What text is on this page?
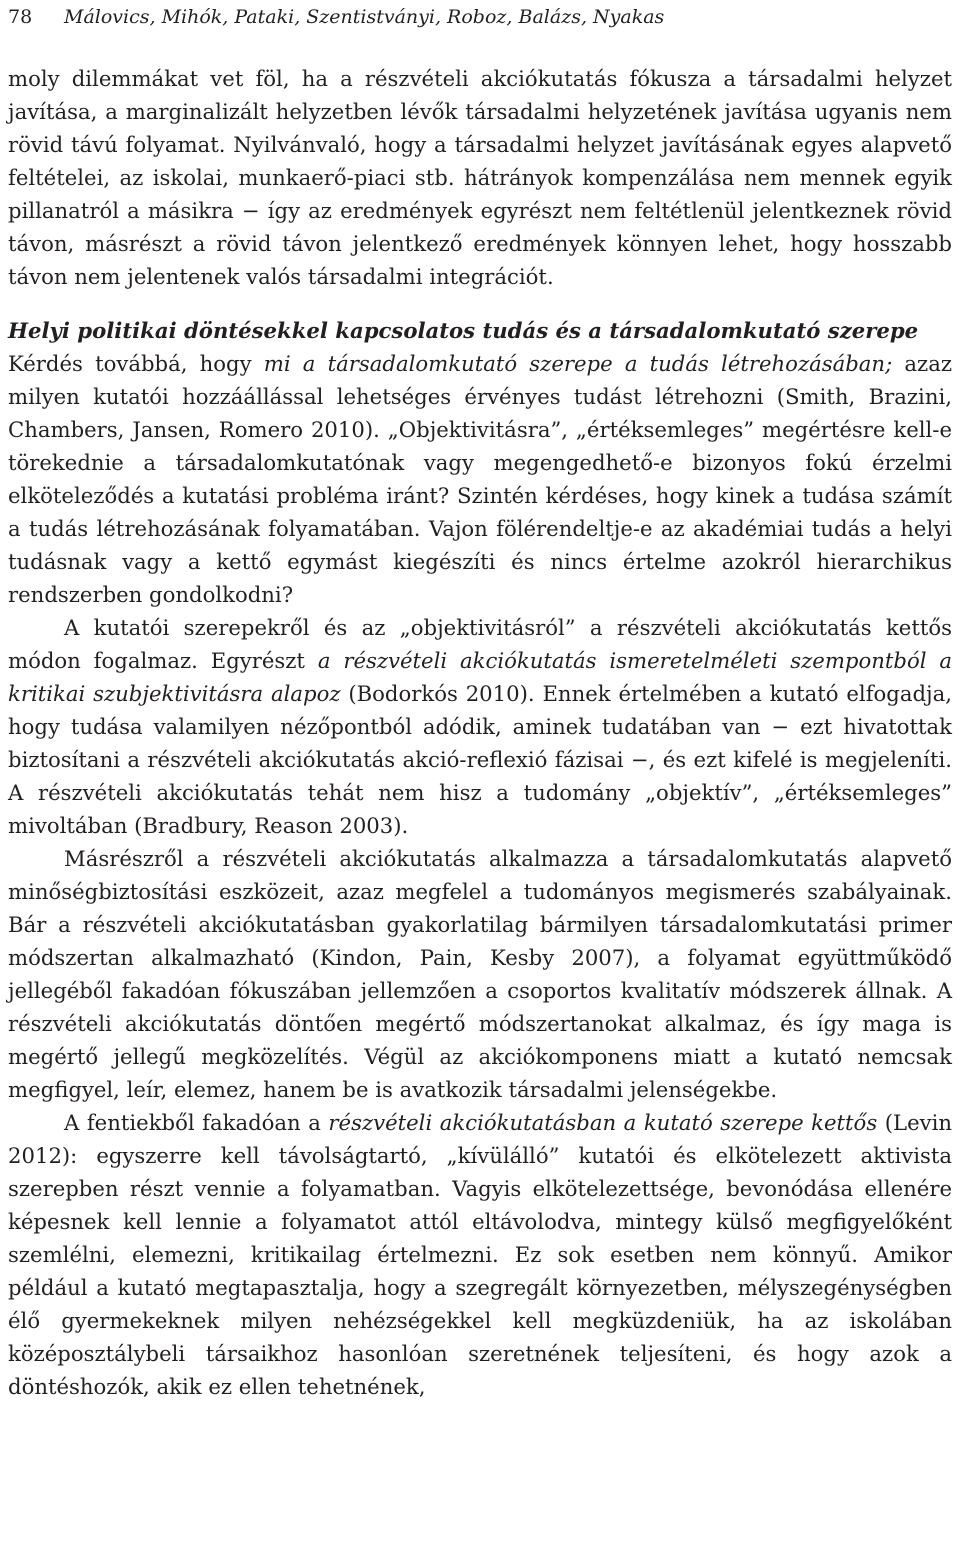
78 Málovics, Mihók, Pataki, Szentistványi, Roboz, Balázs, Nyakas

moly dilemmákat vet föl, ha a részvételi akciókutatás fókusza a társadalmi helyzet javítása, a marginalizált helyzetben lévők társadalmi helyzetének javítása ugyanis nem rövid távú folyamat. Nyilvánvaló, hogy a társadalmi helyzet javításának egyes alapvető feltételei, az iskolai, munkaerő-piaci stb. hátrányok kompenzálása nem mennek egyik pillanatról a másikra − így az eredmények egyrészt nem feltétlenül jelentkeznek rövid távon, másrészt a rövid távon jelentkező eredmények könnyen lehet, hogy hosszabb távon nem jelentenek valós társadalmi integrációt.

Helyi politikai döntésekkel kapcsolatos tudás és a társadalomkutató szerepe

Kérdés továbbá, hogy mi a társadalomkutató szerepe a tudás létrehozásában; azaz milyen kutatói hozzáállással lehetséges érvényes tudást létrehozni (Smith, Brazini, Chambers, Jansen, Romero 2010). „Objektivitásra”, „értéksemleges” megértésre kell-e törekednie a társadalomkutatónak vagy megengedhető-e bizonyos fokú érzelmi elköteleződés a kutatási probléma iránt? Szintén kérdéses, hogy kinek a tudása számít a tudás létrehozásának folyamatában. Vajon fölérendeltje-e az akadémiai tudás a helyi tudásnak vagy a kettő egymást kiegészíti és nincs értelme azokról hierarchikus rendszerben gondolkodni?

A kutatói szerepekről és az „objektivitásról” a részvételi akciókutatás kettős módon fogalmaz. Egyrészt a részvételi akciókutatás ismeretelméleti szempontból a kritikai szubjektivitásra alapoz (Bodorkós 2010). Ennek értelmében a kutató elfogadja, hogy tudása valamilyen nézőpontból adódik, aminek tudatában van − ezt hivatottak biztosítani a részvételi akciókutatás akció-reflexió fázisai −, és ezt kifelé is megjeleníti. A részvételi akciókutatás tehát nem hisz a tudomány „objektív”, „értéksemleges” mivoltában (Bradbury, Reason 2003).

Másrészről a részvételi akciókutatás alkalmazza a társadalomkutatás alapvető minőségbiztosítási eszközeit, azaz megfelel a tudományos megismerés szabályainak. Bár a részvételi akciókutatásban gyakorlatilag bármilyen társadalomkutatási primer módszertan alkalmazható (Kindon, Pain, Kesby 2007), a folyamat együttműködő jellegéből fakadóan fókuszában jellemzően a csoportos kvalitatív módszerek állnak. A részvételi akciókutatás döntően megértő módszertanokat alkalmaz, és így maga is megértő jellegű megközelítés. Végül az akciókomponens miatt a kutató nemcsak megfigyel, leír, elemez, hanem be is avatkozik társadalmi jelenségekbe.

A fentiekből fakadóan a részvételi akciókutatásban a kutató szerepe kettős (Levin 2012): egyszerre kell távolságtartó, „kívülálló” kutatói és elkötelezett aktivista szerepben részt vennie a folyamatban. Vagyis elkötelezettsége, bevonódása ellenére képesnek kell lennie a folyamatot attól eltávolodva, mintegy külső megfigyelőként szemlélni, elemezni, kritikailag értelmezni. Ez sok esetben nem könnyű. Amikor például a kutató megtapasztalja, hogy a szegregált környezetben, mélyszegénységben élő gyermekeknek milyen nehézségekkel kell megküzdeniük, ha az iskolában középosztálybeli társaikhoz hasonlóan szeretnének teljesíteni, és hogy azok a döntéshozók, akik ez ellen tehetnének,
